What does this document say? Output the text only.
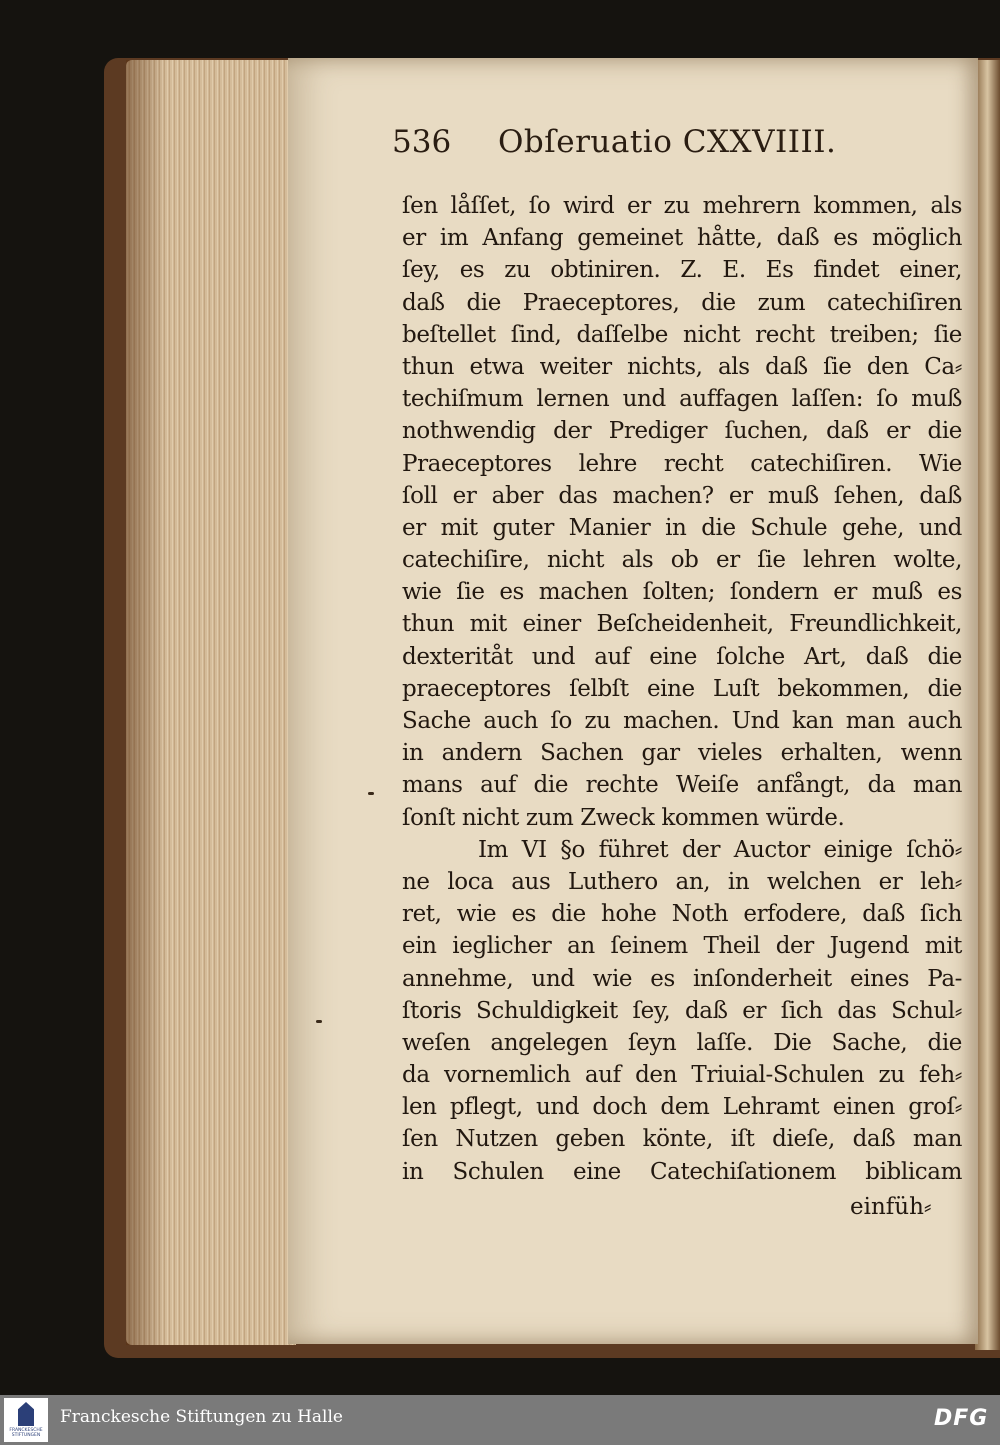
536 Obſeruatio CXXVIIII.
ſen låſſet, ſo wird er zu mehrern kommen, als
er im Anfang gemeinet håtte, daß es möglich
ſey, es zu obtiniren. Z. E. Es findet einer,
daß die Praeceptores, die zum catechiſiren
beſtellet ſind, daſſelbe nicht recht treiben; ſie
thun etwa weiter nichts, als daß ſie den Ca⸗
techiſmum lernen und auffagen laſſen: ſo muß
nothwendig der Prediger ſuchen, daß er die
Praeceptores lehre recht catechiſiren. Wie
ſoll er aber das machen? er muß ſehen, daß
er mit guter Manier in die Schule gehe, und
catechiſire, nicht als ob er ſie lehren wolte,
wie ſie es machen ſolten; ſondern er muß es
thun mit einer Beſcheidenheit, Freundlichkeit,
dexteritåt und auf eine ſolche Art, daß die
praeceptores ſelbſt eine Luſt bekommen, die
Sache auch ſo zu machen. Und kan man auch
in andern Sachen gar vieles erhalten, wenn
mans auf die rechte Weiſe anfångt, da man
ſonſt nicht zum Zweck kommen würde.
Im VI §o führet der Auctor einige ſchö⸗
ne loca aus Luthero an, in welchen er leh⸗
ret, wie es die hohe Noth erfodere, daß ſich
ein ieglicher an ſeinem Theil der Jugend mit
annehme, und wie es inſonderheit eines Pa-
ſtoris Schuldigkeit ſey, daß er ſich das Schul⸗
weſen angelegen ſeyn laſſe. Die Sache, die
da vornemlich auf den Triuial-Schulen zu feh⸗
len pflegt, und doch dem Lehramt einen groſ⸗
ſen Nutzen geben könte, iſt dieſe, daß man
in Schulen eine Catechiſationem biblicam
einfüh⸗
FRANCKESCHE STIFTUNGEN
Franckesche Stiftungen zu Halle	DFG
